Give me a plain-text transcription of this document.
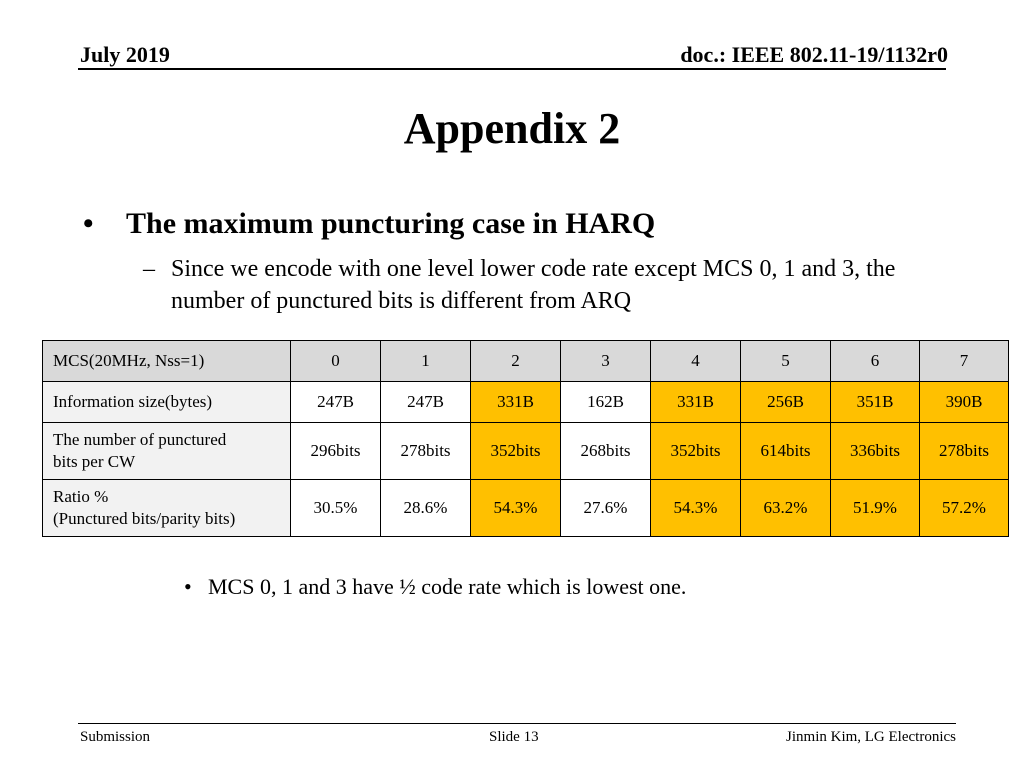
July 2019	doc.: IEEE 802.11-19/1132r0
Appendix 2
• The maximum puncturing case in HARQ
– Since we encode with one level lower code rate except MCS 0, 1 and 3, the number of punctured bits is different from ARQ
MCS(20MHz, Nss=1)	0	1	2	3	4	5	6	7
Information size(bytes)	247B	247B	331B	162B	331B	256B	351B	390B
The number of punctured
bits per CW	296bits	278bits	352bits	268bits	352bits	614bits	336bits	278bits
Ratio %
(Punctured bits/parity bits)	30.5%	28.6%	54.3%	27.6%	54.3%	63.2%	51.9%	57.2%
• MCS 0, 1 and 3 have ½ code rate which is lowest one.
Submission	Slide 13	Jinmin Kim, LG Electronics
